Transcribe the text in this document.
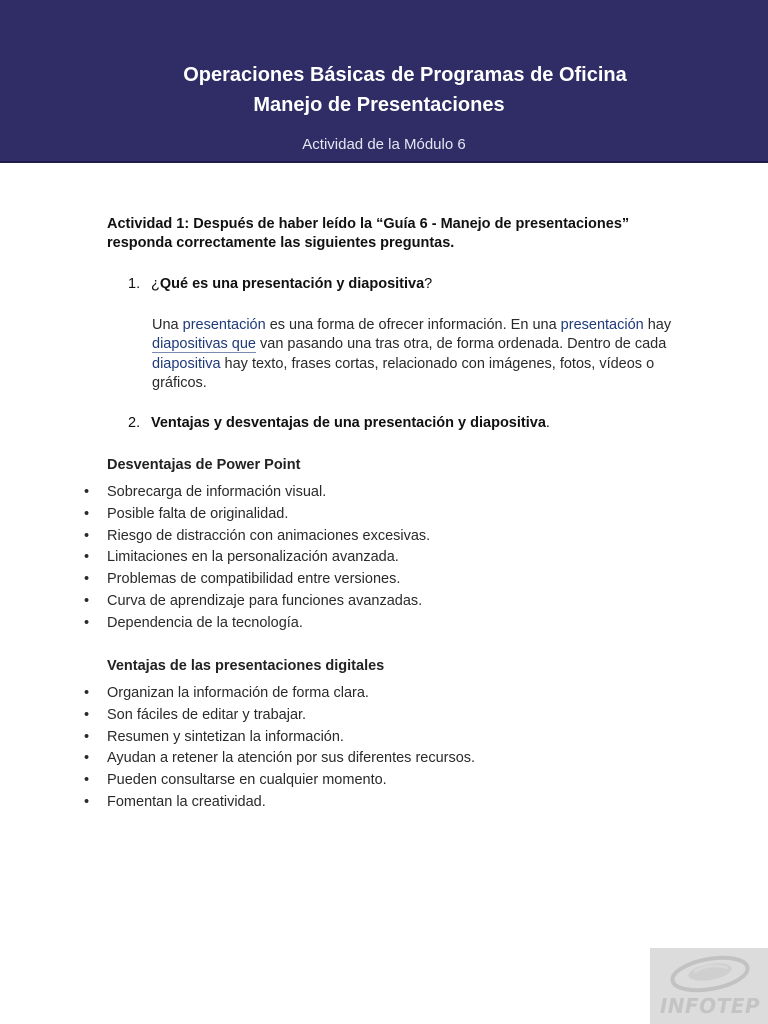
Operaciones Básicas de Programas de Oficina
Manejo de Presentaciones
Actividad de la Módulo 6
Actividad 1: Después de haber leído la “Guía 6 - Manejo de presentaciones” responda correctamente las siguientes preguntas.
1. ¿Qué es una presentación y diapositiva?
Una presentación es una forma de ofrecer información. En una presentación hay diapositivas que van pasando una tras otra, de forma ordenada. Dentro de cada diapositiva hay texto, frases cortas, relacionado con imágenes, fotos, vídeos o gráficos.
2. Ventajas y desventajas de una presentación y diapositiva.
Desventajas de Power Point
• Sobrecarga de información visual.
• Posible falta de originalidad.
• Riesgo de distracción con animaciones excesivas.
• Limitaciones en la personalización avanzada.
• Problemas de compatibilidad entre versiones.
• Curva de aprendizaje para funciones avanzadas.
• Dependencia de la tecnología.
Ventajas de las presentaciones digitales
• Organizan la información de forma clara.
• Son fáciles de editar y trabajar.
• Resumen y sintetizan la información.
• Ayudan a retener la atención por sus diferentes recursos.
• Pueden consultarse en cualquier momento.
• Fomentan la creatividad.
INFOTEP
